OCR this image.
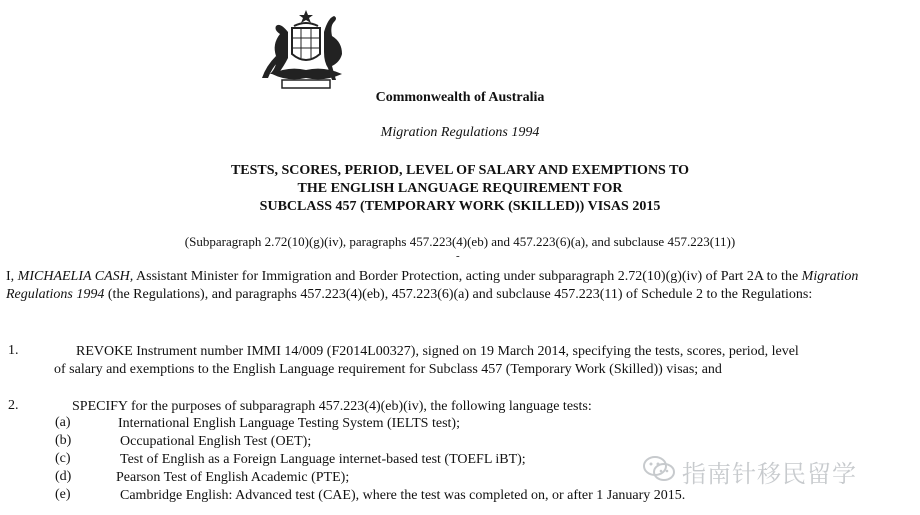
Commonwealth of Australia
Migration Regulations 1994
TESTS, SCORES, PERIOD, LEVEL OF SALARY AND EXEMPTIONS TO
THE ENGLISH LANGUAGE REQUIREMENT FOR
SUBCLASS 457 (TEMPORARY WORK (SKILLED)) VISAS 2015
(Subparagraph 2.72(10)(g)(iv), paragraphs 457.223(4)(eb) and 457.223(6)(a), and subclause 457.223(11))
-
I, MICHAELIA CASH, Assistant Minister for Immigration and Border Protection, acting under subparagraph 2.72(10)(g)(iv) of Part 2A to the Migration Regulations 1994 (the Regulations), and paragraphs 457.223(4)(eb), 457.223(6)(a) and subclause 457.223(11) of Schedule 2 to the Regulations:
1.	REVOKE Instrument number IMMI 14/009 (F2014L00327), signed on 19 March 2014, specifying the tests, scores, period, level
of salary and exemptions to the English Language requirement for Subclass 457 (Temporary Work (Skilled)) visas; and
2.	SPECIFY for the purposes of subparagraph 457.223(4)(eb)(iv), the following language tests:
(a)	International English Language Testing System (IELTS test);
(b)	Occupational English Test (OET);
(c)	Test of English as a Foreign Language internet-based test (TOEFL iBT);
(d)	Pearson Test of English Academic (PTE);
(e)	Cambridge English: Advanced test (CAE), where the test was completed on, or after 1 January 2015.
指南针移民留学
